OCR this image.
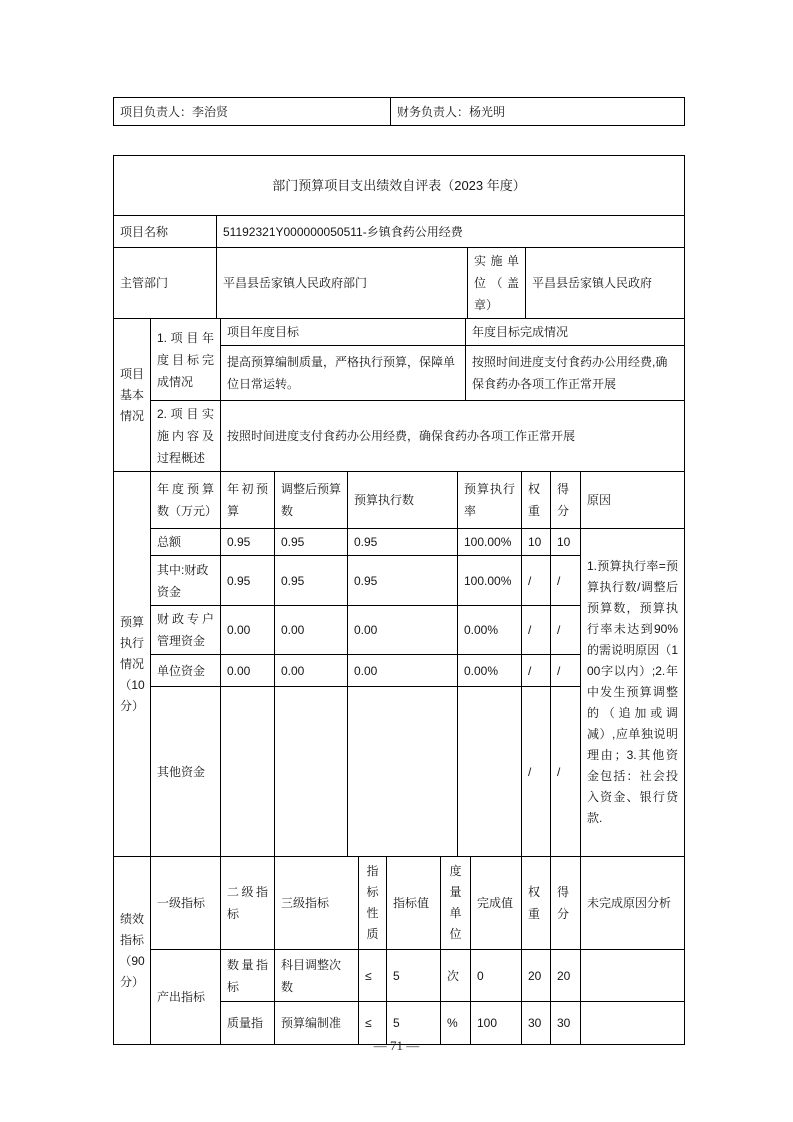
项目负责人：李治贤	财务负责人：杨光明
部门预算项目支出绩效自评表（2023 年度）
项目名称	51192321Y000000050511-乡镇食药公用经费
主管部门	平昌县岳家镇人民政府部门	实施单位（盖章）	平昌县岳家镇人民政府
项目基本情况	1.项目年度目标完成情况	项目年度目标	年度目标完成情况
		提高预算编制质量，严格执行预算，保障单位日常运转。	按照时间进度支付食药办公用经费,确保食药办各项工作正常开展
	2.项目实施内容及过程概述	按照时间进度支付食药办公用经费，确保食药办各项工作正常开展	
预算执行情况（10分）	年度预算数（万元）	年初预算	调整后预算数	预算执行数	预算执行率	权重	得分	原因
	总额	0.95	0.95	0.95	100.00%	10	10	1.预算执行率=预算执行数/调整后预算数，预算执行率未达到90%的需说明原因（100字以内）;2.年中发生预算调整的（追加或调减）,应单独说明理由；3.其他资金包括：社会投入资金、银行贷款.
	其中:财政资金	0.95	0.95	0.95	100.00%	/	/	
	财政专户管理资金	0.00	0.00	0.00	0.00%	/	/	
	单位资金	0.00	0.00	0.00	0.00%	/	/	
	其他资金					/	/	
绩效指标（90分）	一级指标	二级指标	三级指标	指标性质	指标值	度量单位	完成值	权重	得分	未完成原因分析
	产出指标	数量指标	科目调整次数	≤	5	次	0	20	20	
		质量指	预算编制准	≤	5	%	100	30	30	
— 71 —
